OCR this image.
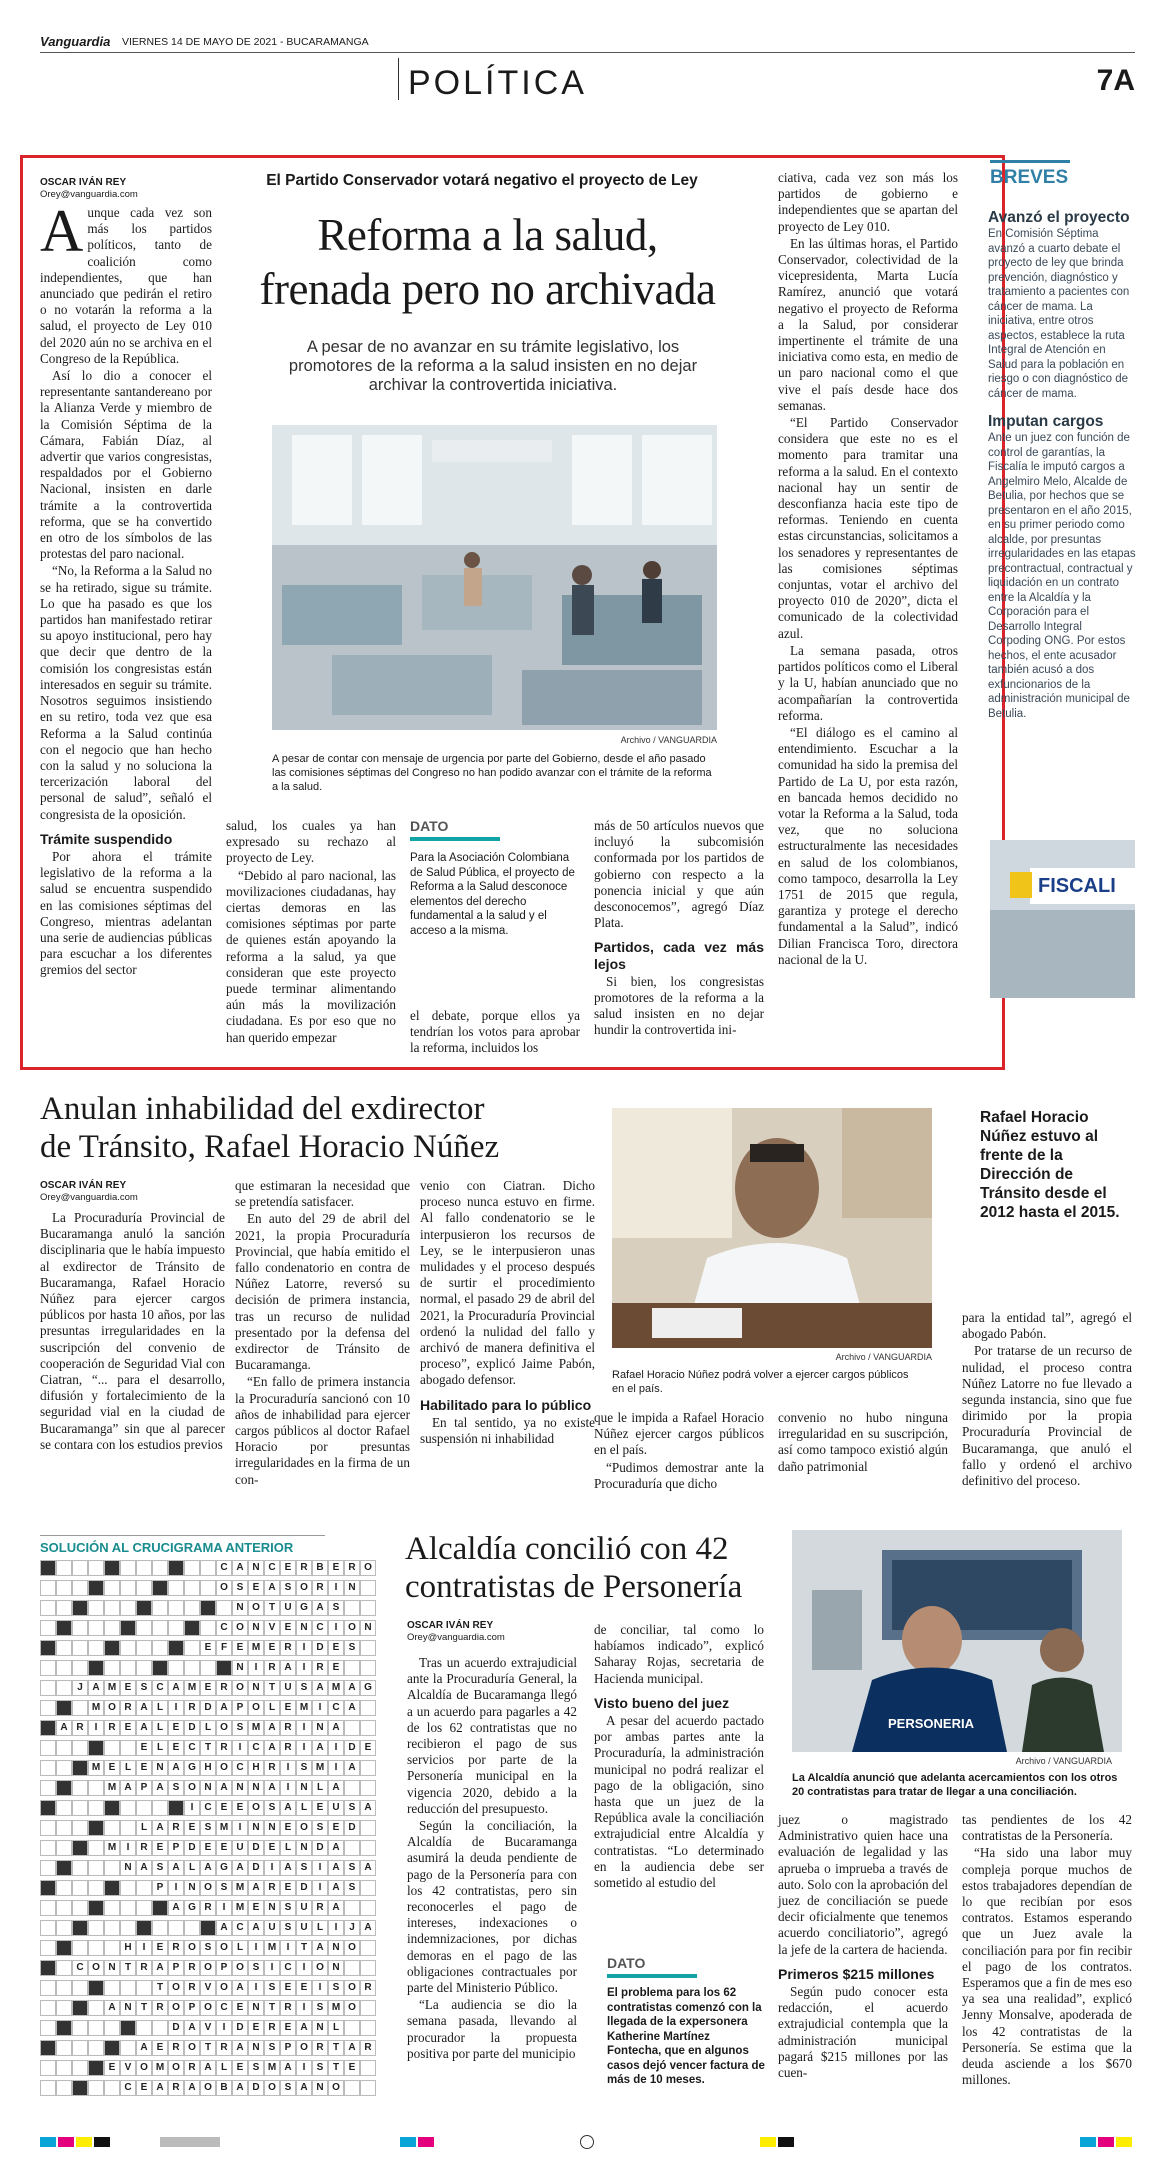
Vanguardia VIERNES 14 DE MAYO DE 2021 - BUCARAMANGA
POLÍTICA	7A
OSCAR IVÁN REY
Orey@vanguardia.com
El Partido Conservador votará negativo el proyecto de Ley
Reforma a la salud,
frenada pero no archivada
A pesar de no avanzar en su trámite legislativo, los promotores de la reforma a la salud insisten en no dejar archivar la controvertida iniciativa.
A unque cada vez son más los partidos políticos, tanto de coalición como independientes, que han anunciado que pedirán el retiro o no votarán la reforma a la salud, el proyecto de Ley 010 del 2020 aún no se archiva en el Congreso de la República.

Así lo dio a conocer el representante santandereano por la Alianza Verde y miembro de la Comisión Séptima de la Cámara, Fabián Díaz, al advertir que varios congresistas, respaldados por el Gobierno Nacional, insisten en darle trámite a la controvertida reforma, que se ha convertido en otro de los símbolos de las protestas del paro nacional.

“No, la Reforma a la Salud no se ha retirado, sigue su trámite. Lo que ha pasado es que los partidos han manifestado retirar su apoyo institucional, pero hay que decir que dentro de la comisión los congresistas están interesados en seguir su trámite. Nosotros seguimos insistiendo en su retiro, toda vez que esa Reforma a la Salud continúa con el negocio que han hecho con la salud y no soluciona la tercerización laboral del personal de salud”, señaló el congresista de la oposición.

Trámite suspendido

Por ahora el trámite legislativo de la reforma a la salud se encuentra suspendido en las comisiones séptimas del Congreso, mientras adelantan una serie de audiencias públicas para escuchar a los diferentes gremios del sector

Archivo / VANGUARDIA
A pesar de contar con mensaje de urgencia por parte del Gobierno, desde el año pasado las comisiones séptimas del Congreso no han podido avanzar con el trámite de la reforma a la salud.

salud, los cuales ya han expresado su rechazo al proyecto de Ley.

“Debido al paro nacional, las movilizaciones ciudadanas, hay ciertas demoras en las comisiones séptimas por parte de quienes están apoyando la reforma a la salud, ya que consideran que este proyecto puede terminar alimentando aún más la movilización ciudadana. Es por eso que no han querido empezar

DATO
Para la Asociación Colombiana de Salud Pública, el proyecto de Reforma a la Salud desconoce elementos del derecho fundamental a la salud y el acceso a la misma.

el debate, porque ellos ya tendrían los votos para aprobar la reforma, incluidos los

más de 50 artículos nuevos que incluyó la subcomisión conformada por los partidos de gobierno con respecto a la ponencia inicial y que aún desconocemos”, agregó Díaz Plata.

Partidos, cada vez más lejos

Si bien, los congresistas promotores de la reforma a la salud insisten en no dejar hundir la controvertida ini-

ciativa, cada vez son más los partidos de gobierno e independientes que se apartan del proyecto de Ley 010.

En las últimas horas, el Partido Conservador, colectividad de la vicepresidenta, Marta Lucía Ramírez, anunció que votará negativo el proyecto de Reforma a la Salud, por considerar impertinente el trámite de una iniciativa como esta, en medio de un paro nacional como el que vive el país desde hace dos semanas.

“El Partido Conservador considera que este no es el momento para tramitar una reforma a la salud. En el contexto nacional hay un sentir de desconfianza hacia este tipo de reformas. Teniendo en cuenta estas circunstancias, solicitamos a los senadores y representantes de las comisiones séptimas conjuntas, votar el archivo del proyecto 010 de 2020”, dicta el comunicado de la colectividad azul.

La semana pasada, otros partidos políticos como el Liberal y la U, habían anunciado que no acompañarían la controvertida reforma.

“El diálogo es el camino al entendimiento. Escuchar a la comunidad ha sido la premisa del Partido de La U, por esta razón, en bancada hemos decidido no votar la Reforma a la Salud, toda vez, que no soluciona estructuralmente las necesidades en salud de los colombianos, como tampoco, desarrolla la Ley 1751 de 2015 que regula, garantiza y protege el derecho fundamental a la Salud”, indicó Dilian Francisca Toro, directora nacional de la U.

BREVES
Avanzó el proyecto
En Comisión Séptima avanzó a cuarto debate el proyecto de ley que brinda prevención, diagnóstico y tratamiento a pacientes con cáncer de mama. La iniciativa, entre otros aspectos, establece la ruta Integral de Atención en Salud para la población en riesgo o con diagnóstico de cáncer de mama.
Imputan cargos
Ante un juez con función de control de garantías, la Fiscalía le imputó cargos a Angelmiro Melo, Alcalde de Betulia, por hechos que se presentaron en el año 2015, en su primer periodo como alcalde, por presuntas irregularidades en las etapas precontractual, contractual y liquidación en un contrato entre la Alcaldía y la Corporación para el Desarrollo Integral Corpoding ONG. Por estos hechos, el ente acusador también acusó a dos exfuncionarios de la administración municipal de Betulia.
FISCALI
Anulan inhabilidad del exdirector
de Tránsito, Rafael Horacio Núñez
OSCAR IVÁN REY
Orey@vanguardia.com

La Procuraduría Provincial de Bucaramanga anuló la sanción disciplinaria que le había impuesto al exdirector de Tránsito de Bucaramanga, Rafael Horacio Núñez para ejercer cargos públicos por hasta 10 años, por las presuntas irregularidades en la suscripción del convenio de cooperación de Seguridad Vial con Ciatran, “... para el desarrollo, difusión y fortalecimiento de la seguridad vial en la ciudad de Bucaramanga” sin que al parecer se contara con los estudios previos

que estimaran la necesidad que se pretendía satisfacer.

En auto del 29 de abril del 2021, la propia Procuraduría Provincial, que había emitido el fallo condenatorio en contra de Núñez Latorre, reversó su decisión de primera instancia, tras un recurso de nulidad presentado por la defensa del exdirector de Tránsito de Bucaramanga.

“En fallo de primera instancia la Procuraduría sancionó con 10 años de inhabilidad para ejercer cargos públicos al doctor Rafael Horacio por presuntas irregularidades en la firma de un con-

venio con Ciatran. Dicho proceso nunca estuvo en firme. Al fallo condenatorio se le interpusieron los recursos de Ley, se le interpusieron unas mulidades y el proceso después de surtir el procedimiento normal, el pasado 29 de abril del 2021, la Procuraduría Provincial ordenó la nulidad del fallo y archivó de manera definitiva el proceso”, explicó Jaime Pabón, abogado defensor.

Habilitado para lo público

En tal sentido, ya no existe suspensión ni inhabilidad

Archivo / VANGUARDIA
Rafael Horacio Núñez podrá volver a ejercer cargos públicos en el país.
Rafael Horacio Núñez estuvo al frente de la Dirección de Tránsito desde el 2012 hasta el 2015.

que le impida a Rafael Horacio Núñez ejercer cargos públicos en el país.

“Pudimos demostrar ante la Procuraduría que dicho

convenio no hubo ninguna irregularidad en su suscripción, así como tampoco existió algún daño patrimonial

para la entidad tal”, agregó el abogado Pabón.

Por tratarse de un recurso de nulidad, el proceso contra Núñez Latorre no fue llevado a segunda instancia, sino que fue dirimido por la propia Procuraduría Provincial de Bucaramanga, que anuló el fallo y ordenó el archivo definitivo del proceso.

SOLUCIÓN AL CRUCIGRAMA ANTERIOR
C A N C E R B E R O
O S E A S O R	I	N
N O T U G A S
C O N V E N C	I	O N
E F E M E R	I	D E S
N	I	R A	I	R E
J A M E S C A M E R O N T U S A M A G
M O R A L	I	R D A P O L E M	I	C A
A R	I	R E A L E D L O S M A R	I	N A
E L E C T R	I	C A R	I	A	I	D E
M E L E N A G H O C H R	I	S M	I	A
M A P A S O N A N N A	I	N L A
I	C E E O S A L E U S A
L A R E S M	I	N N E O S E D
M	I	R E P D E E U D E L N D A
N A S A L A G A D	I	A S	I	A S A
P	I	N O S M A R E D	I	A S
A G R	I	M E N S U R A
A C A U S U L	I	J A
H	I	E R O S O L	I	M	I	T A N O
C O N T R A P R O P O S	I	C	I	O N
T O R V O A	I	S E E	I	S O R
A N T R O P O C E N T R	I	S M O
D A V	I	D E R E A N L
A E R O T R A N S P O R T A R
E V O M O R A L E S M A	I	S T E
C E A R A O B A D O S A N O
Alcaldía concilió con 42
contratistas de Personería
OSCAR IVÁN REY
Orey@vanguardia.com

Tras un acuerdo extrajudicial ante la Procuraduría General, la Alcaldía de Bucaramanga llegó a un acuerdo para pagarles a 42 de los 62 contratistas que no recibieron el pago de sus servicios por parte de la Personería municipal en la vigencia 2020, debido a la reducción del presupuesto.

Según la conciliación, la Alcaldía de Bucaramanga asumirá la deuda pendiente de pago de la Personería para con los 42 contratistas, pero sin reconocerles el pago de intereses, indexaciones o indemnizaciones, por dichas demoras en el pago de las obligaciones contractuales por parte del Ministerio Público.

“La audiencia se dio la semana pasada, llevando al procurador la propuesta positiva por parte del municipio

de conciliar, tal como lo habíamos indicado”, explicó Saharay Rojas, secretaria de Hacienda municipal.

Visto bueno del juez

A pesar del acuerdo pactado por ambas partes ante la Procuraduría, la administración municipal no podrá realizar el pago de la obligación, sino hasta que un juez de la República avale la conciliación extrajudicial entre Alcaldía y contratistas. “Lo determinado en la audiencia debe ser sometido al estudio del

DATO
El problema para los 62 contratistas comenzó con la llegada de la expersonera Katherine Martínez Fontecha, que en algunos casos dejó vencer factura de más de 10 meses.
PERSONERIA
Archivo / VANGUARDIA
La Alcaldía anunció que adelanta acercamientos con los otros 20 contratistas para tratar de llegar a una conciliación.

juez o magistrado Administrativo quien hace una evaluación de legalidad y las aprueba o imprueba a través de auto. Solo con la aprobación del juez de conciliación se puede decir oficialmente que tenemos acuerdo conciliatorio”, agregó la jefe de la cartera de hacienda.

Primeros $215 millones

Según pudo conocer esta redacción, el acuerdo extrajudicial contempla que la administración municipal pagará $215 millones por las cuen-

tas pendientes de los 42 contratistas de la Personería.

“Ha sido una labor muy compleja porque muchos de estos trabajadores dependían de lo que recibían por esos contratos. Estamos esperando que un Juez avale la conciliación para por fin recibir el pago de los contratos. Esperamos que a fin de mes eso ya sea una realidad”, explicó Jenny Monsalve, apoderada de los 42 contratistas de la Personería. Se estima que la deuda asciende a los $670 millones.
